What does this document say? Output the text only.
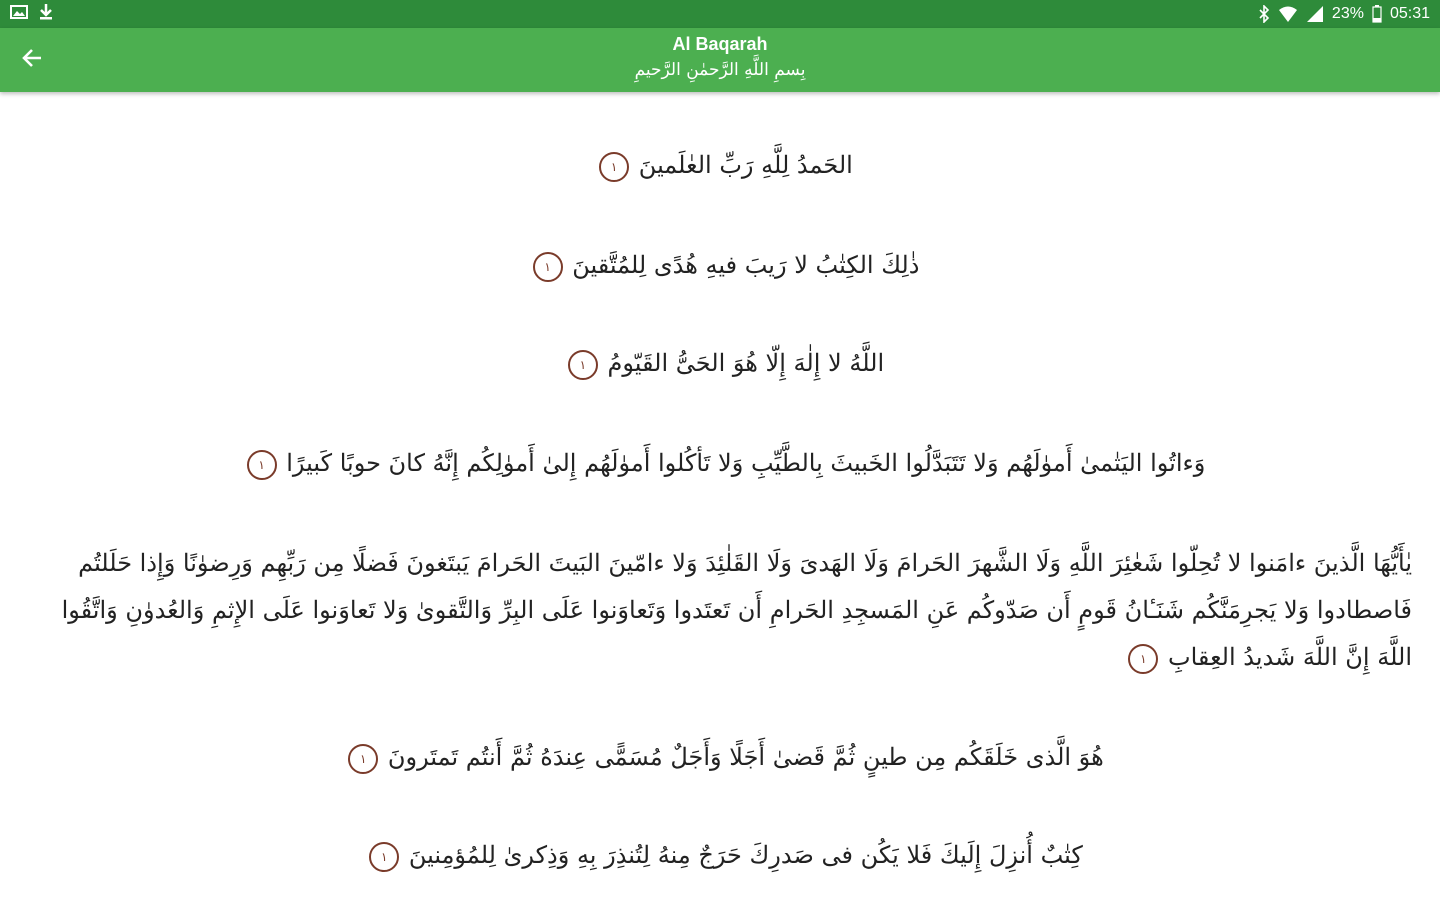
23% 05:31
Al Baqarah
بِسمِ اللَّهِ الرَّحمٰنِ الرَّحيمِ
الحَمدُ لِلَّهِ رَبِّ العٰلَمينَ ١
ذٰلِكَ الكِتٰبُ لا رَيبَ فيهِ هُدًى لِلمُتَّقينَ ١
اللَّهُ لا إِلٰهَ إِلّا هُوَ الحَىُّ القَيّومُ ١
وَءاتُوا اليَتٰمىٰ أَموٰلَهُم وَلا تَتَبَدَّلُوا الخَبيثَ بِالطَّيِّبِ وَلا تَأكُلوا أَموٰلَهُم إِلىٰ أَموٰلِكُم إِنَّهُ كانَ حوبًا كَبيرًا ١
يٰأَيُّهَا الَّذينَ ءامَنوا لا تُحِلّوا شَعٰئِرَ اللَّهِ وَلَا الشَّهرَ الحَرامَ وَلَا الهَدىَ وَلَا القَلٰئِدَ وَلا ءامّينَ البَيتَ الحَرامَ يَبتَغونَ فَضلًا مِن رَبِّهِم وَرِضوٰنًا وَإِذا حَلَلتُم فَاصطادوا وَلا يَجرِمَنَّكُم شَنَـٔانُ قَومٍ أَن صَدّوكُم عَنِ المَسجِدِ الحَرامِ أَن تَعتَدوا وَتَعاوَنوا عَلَى البِرِّ وَالتَّقوىٰ وَلا تَعاوَنوا عَلَى الإِثمِ وَالعُدوٰنِ وَاتَّقُوا اللَّهَ إِنَّ اللَّهَ شَديدُ العِقابِ ١
هُوَ الَّذى خَلَقَكُم مِن طينٍ ثُمَّ قَضىٰ أَجَلًا وَأَجَلٌ مُسَمًّى عِندَهُ ثُمَّ أَنتُم تَمتَرونَ ١
كِتٰبٌ أُنزِلَ إِلَيكَ فَلا يَكُن فى صَدرِكَ حَرَجٌ مِنهُ لِتُنذِرَ بِهِ وَذِكرىٰ لِلمُؤمِنينَ ١
